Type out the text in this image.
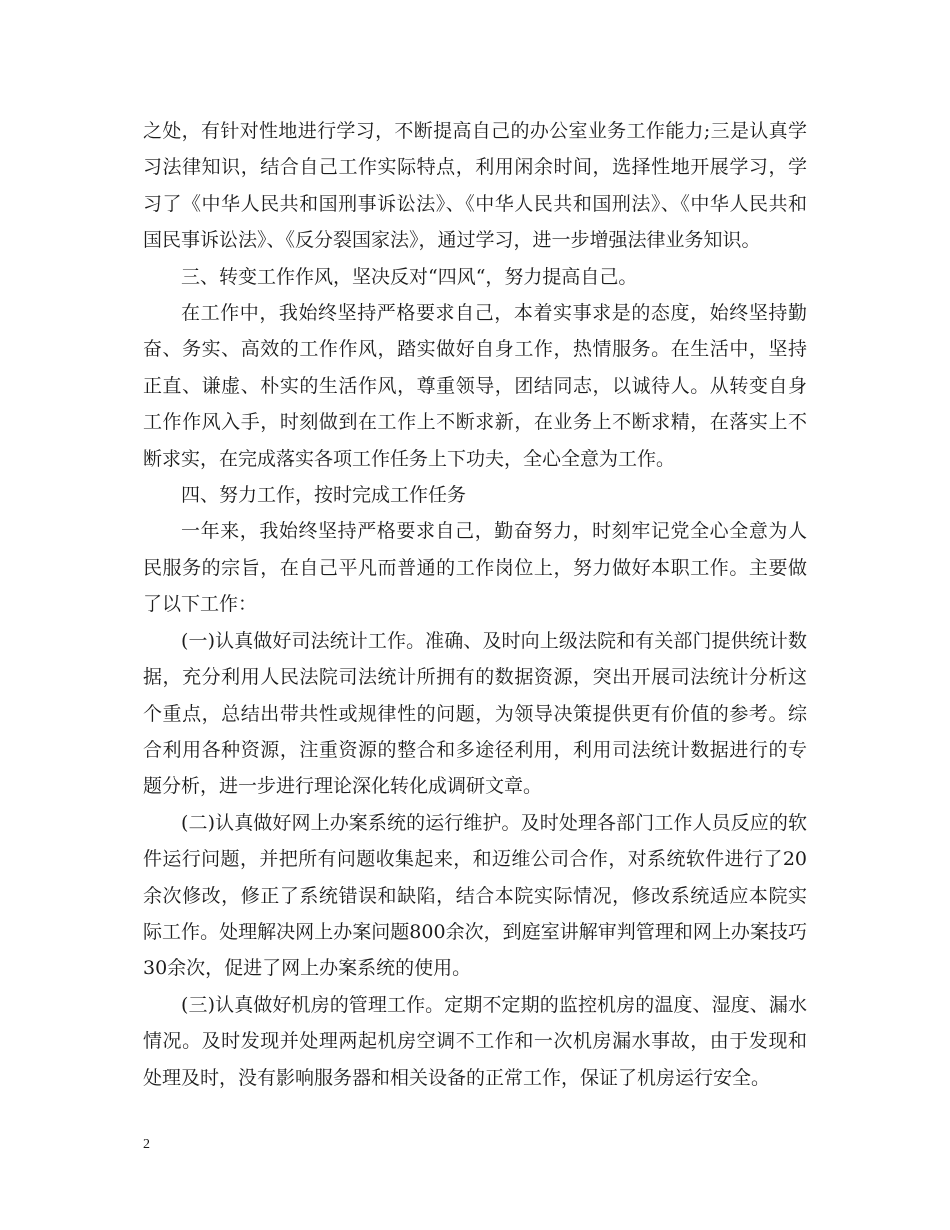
之处，有针对性地进行学习，不断提高自己的办公室业务工作能力;三是认真学习法律知识，结合自己工作实际特点，利用闲余时间，选择性地开展学习，学习了《中华人民共和国刑事诉讼法》、《中华人民共和国刑法》、《中华人民共和国民事诉讼法》、《反分裂国家法》，通过学习，进一步增强法律业务知识。

三、转变工作作风，坚决反对“四风“，努力提高自己。

在工作中，我始终坚持严格要求自己，本着实事求是的态度，始终坚持勤奋、务实、高效的工作作风，踏实做好自身工作，热情服务。在生活中，坚持正直、谦虚、朴实的生活作风，尊重领导，团结同志，以诚待人。从转变自身工作作风入手，时刻做到在工作上不断求新，在业务上不断求精，在落实上不断求实，在完成落实各项工作任务上下功夫，全心全意为工作。

四、努力工作，按时完成工作任务

一年来，我始终坚持严格要求自己，勤奋努力，时刻牢记党全心全意为人民服务的宗旨，在自己平凡而普通的工作岗位上，努力做好本职工作。主要做了以下工作：

(一)认真做好司法统计工作。准确、及时向上级法院和有关部门提供统计数据，充分利用人民法院司法统计所拥有的数据资源，突出开展司法统计分析这个重点，总结出带共性或规律性的问题，为领导决策提供更有价值的参考。综合利用各种资源，注重资源的整合和多途径利用，利用司法统计数据进行的专题分析，进一步进行理论深化转化成调研文章。

(二)认真做好网上办案系统的运行维护。及时处理各部门工作人员反应的软件运行问题，并把所有问题收集起来，和迈维公司合作，对系统软件进行了20余次修改，修正了系统错误和缺陷，结合本院实际情况，修改系统适应本院实际工作。处理解决网上办案问题800余次，到庭室讲解审判管理和网上办案技巧30余次，促进了网上办案系统的使用。

(三)认真做好机房的管理工作。定期不定期的监控机房的温度、湿度、漏水情况。及时发现并处理两起机房空调不工作和一次机房漏水事故，由于发现和处理及时，没有影响服务器和相关设备的正常工作，保证了机房运行安全。

2
